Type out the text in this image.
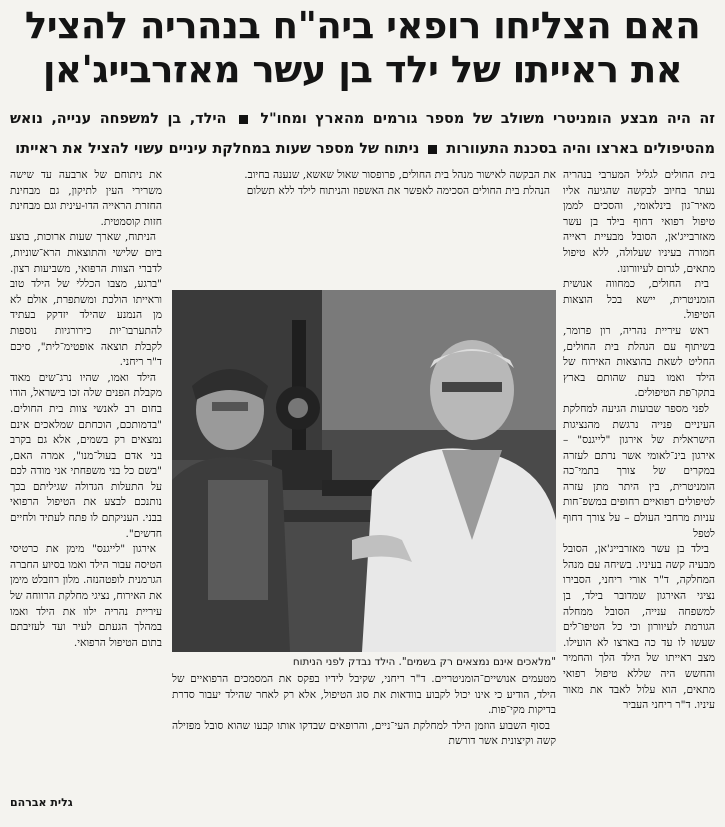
האם הצליחו רופאי ביה"ח בנהריה להציל
את ראייתו של ילד בן עשר מאזרבייג'אן
זה היה מבצע הומניטרי משולב של מספר גורמים מהארץ ומחו"ל  הילד, בן למשפחה ענייה, נואש מהטיפולים בארצו והיה בסכנת התעוורות  ניתוח של מספר שעות במחלקת עיניים עשוי להציל את ראייתו

בית החולים לגליל המערבי בנהריה נעתר בחיוב לבקשה שהגיעה אליו מאיר־גון בינלאומי, והסכים לממן טיפול רפואי דחוף בילד בן עשר מאזרבייג'אן, הסובל מבעיית ראייה חמורה בעיניו שעלולה, ללא טיפול מתאים, לגרום לעיוורונו.

בית החולים, כמחווה אנושית הומניטרית, יישא בכל הוצאות הטיפול.

ראש עיריית נהריה, רון פרומר, בשיתוף עם הנהלת בית החולים, החליט לשאת בהוצאות האירוח של הילד ואמו בעת שהותם בארץ בתקו־פת הטיפולים.

לפני מספר שבועות הגיעה למחלקת העיניים פנייה נרגשת מהנציגות הישראלית של אירגון "לייגנס" – אירגון בינ־לאומי אשר נרתם לעזרה במקרים של צורך בתמי־כה הומניטרית, בין היתר מתן עזרה לטיפולים רפואיים רחופים במשפ־חות עניות מרחבי העולם – על צורך דחוף לטפל

בילד בן עשר מאזרבייג'אן, הסובל מבעיה קשה בעיניו. בשיחה עם מנהל המחלקה, ד"ר אורי ריחני, הסבירו נציגי האירגון שמדובר בילד, בן למשפחה ענייה, הסובל ממחלה הגורמת לעיוורון וכי כל הטיפו־לים שעשו לו עד כה בארצו לא הועילו. מצב ראייתו של הילד הלך והחמיר והחשש היה שללא טיפול רפואי מתאים, הוא עלול לאבד את מאור עיניו. ד"ר ריחני העביר

את הבקשה לאישור מנהל בית החולים, פרופסור שאול שאשא, שנענה בחיוב.

הנהלת בית החולים הסכימה לאפשר את האשפוז והניתוח לילד ללא תשלום

מטעמים אנושיים־הומניטריים. ד"ר ריחני, שקיבל לידיו בפקס את המסמכים הרפואיים של הילד, הודיע כי אינו יכול לקבוע בוודאות את סוג הטיפול, אלא רק לאחר שהילד יעבור סדרת בדיקות מקי־פות.

בסוף השבוע הוזמן הילד למחלקת העי־ניים, והרופאים שבדקו אותו קבעו שהוא סובל מפזילה קשה וקיצונית אשר דורשת

את ניתוחם של ארבעה עד שישה משרירי העין לתיקון, גם מבחינת החזרת הראייה הדו-עינית וגם מבחינת חזות קוסמטית.

הניתוח, שארך שעות ארוכות, בוצע ביום שלישי והתוצאות הרא־שוניות, לדברי הצוות הרפואי, משביעות רצון. "ברגע, מצבו הכללי של הילד טוב וראייתו הולכת ומשתפרת, אולם לא מן הנמנע שהילד יזדקק בעתיד להתערבו־יות כירורגיות נוספות לקבלת תוצאה אופטימ־לית", סיכם ד"ר ריחני.

הילד ואמו, שהיו נרג־שים מאוד מקבלת הפנים שלה זכו בישראל, הודו בחום רב לאנשי צוות בית החולים. "בדמותכם, הוכחתם שמלאכים אינם נמצאים רק בשמים, אלא גם בקרב בני אדם בעול־מנו", אמרה האם, "בשם כל בני משפחתי אני מודה לכם על התעלות הגדולה שגיליתם בכך נותנכם לבצע את הטיפול הרפואי בבני. העניקתם לו פתח לעתיד ולחיים חדשים".

אירגון "לייגנס" מימן את כרטיסי הטיסה עבור הילד ואמו בסיוע החברה הגרמנית לופטהנזה. מלון רוזבלט מימן את האירוח, נציגי מחלקת הרווחה של עיריית נהריה ילוו את הילד ואמו במהלך הגעתם לעיר ועד לעזיבתם בתום הטיפול הרפואי.

"מלאכים אינם נמצאים רק בשמים". הילד נבדק לפני הניתוח

גלית אברהם
